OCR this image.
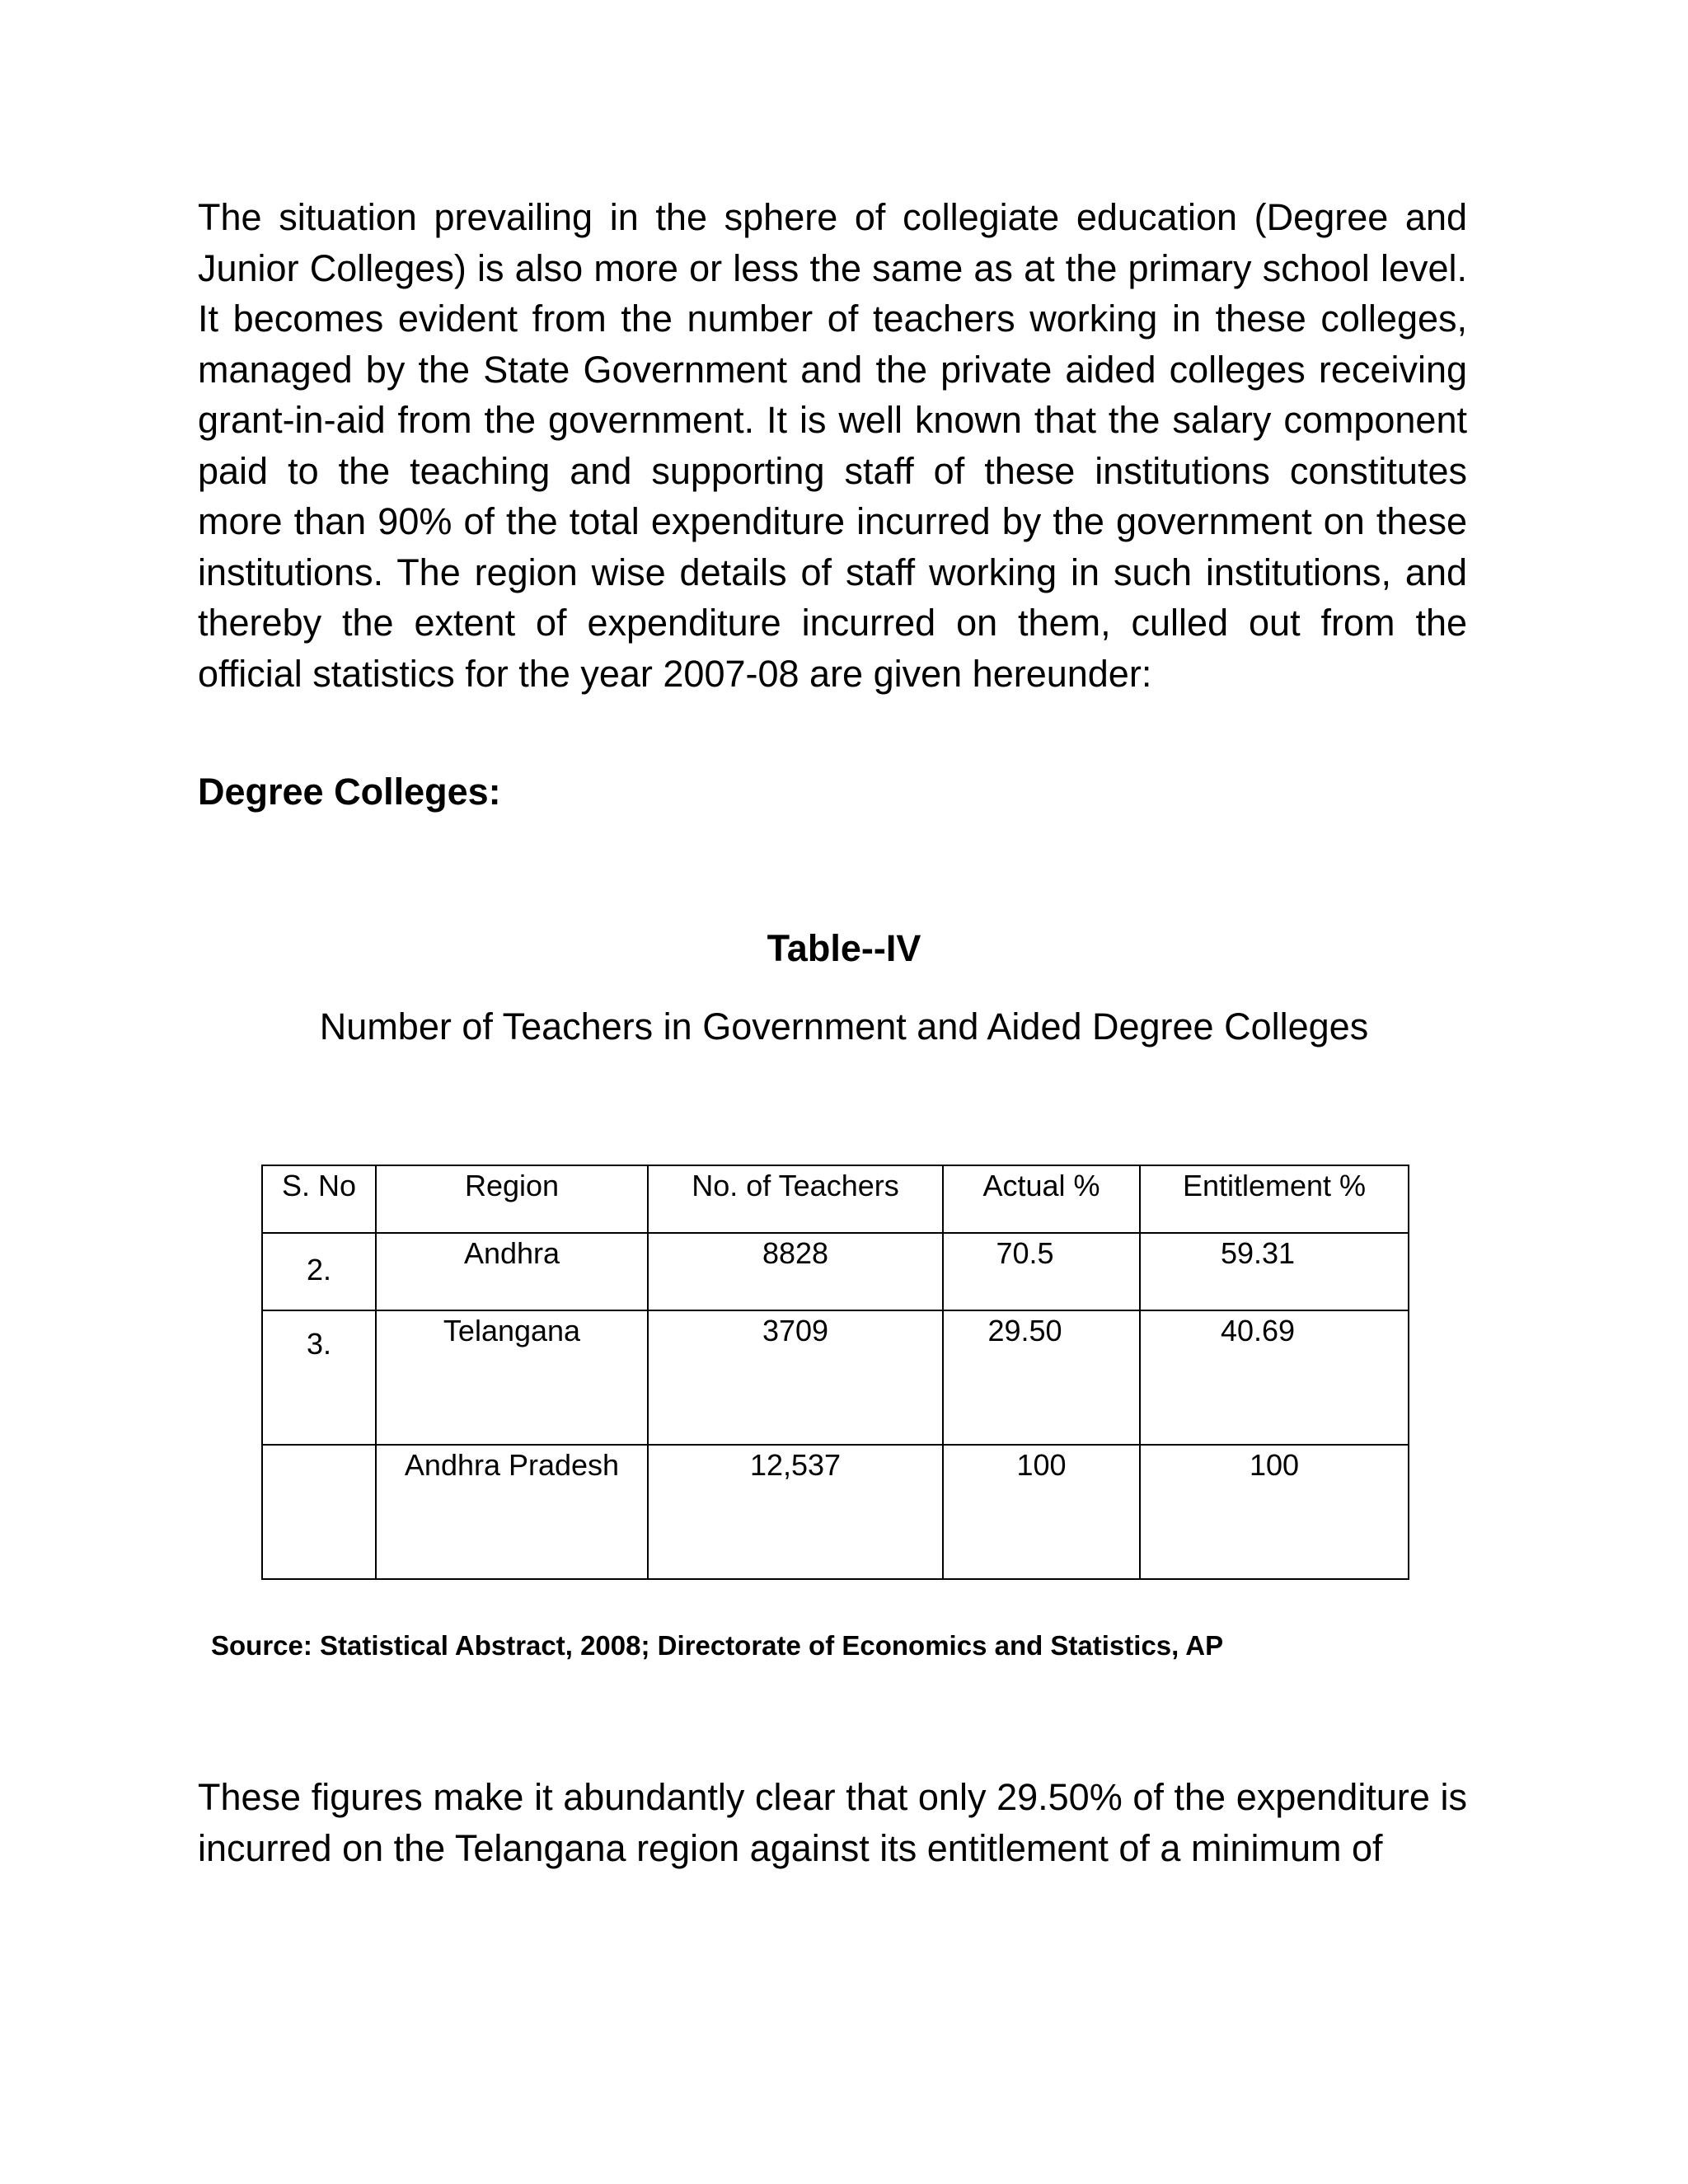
The situation prevailing in the sphere of collegiate education (Degree and Junior Colleges) is also more or less the same as at the primary school level. It becomes evident from the number of teachers working in these colleges, managed by the State Government and the private aided colleges receiving grant-in-aid from the government. It is well known that the salary component paid to the teaching and supporting staff of these institutions constitutes more than 90% of the total expenditure incurred by the government on these institutions. The region wise details of staff working in such institutions, and thereby the extent of expenditure incurred on them, culled out from the official statistics for the year 2007-08 are given hereunder:

Degree Colleges:

Table--IV
Number of Teachers in Government and Aided Degree Colleges
S. No	Region	No. of Teachers	Actual %	Entitlement %

2.	Andhra	8828	70.5	59.31

3.	Telangana	3709	29.50	40.69

	Andhra Pradesh	12,537	100	100
Source: Statistical Abstract, 2008; Directorate of Economics and Statistics, AP

These figures make it abundantly clear that only 29.50% of the expenditure is incurred on the Telangana region against its entitlement of a minimum of
